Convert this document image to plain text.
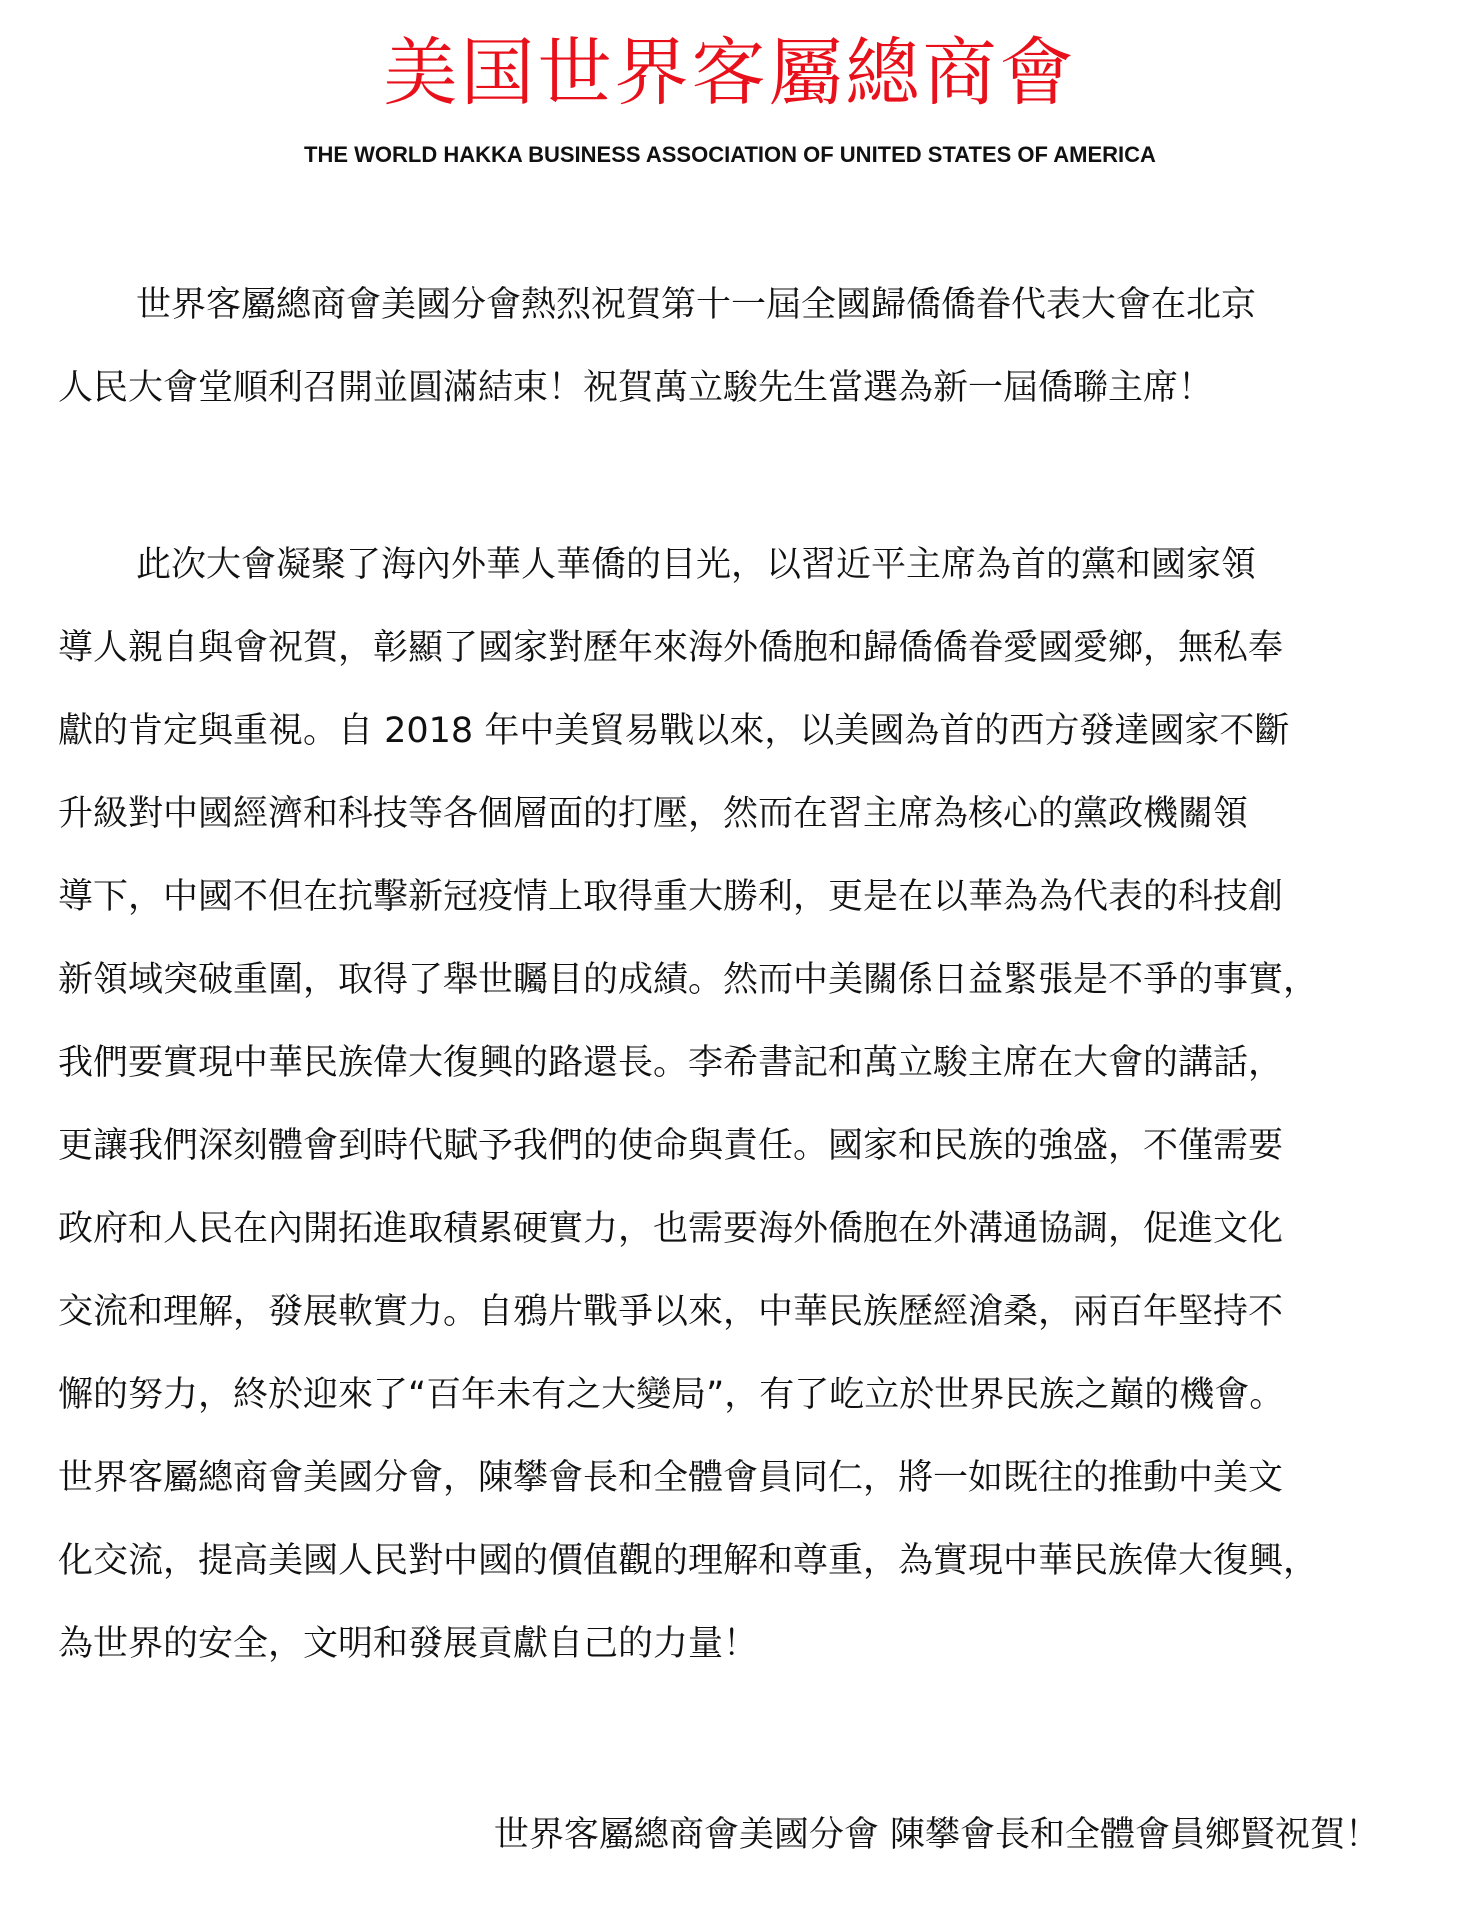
美国世界客屬總商會
THE WORLD HAKKA BUSINESS ASSOCIATION OF UNITED STATES OF AMERICA
世界客屬總商會美國分會熱烈祝賀第十一屆全國歸僑僑眷代表大會在北京
人民大會堂順利召開並圓滿結束！祝賀萬立駿先生當選為新一屆僑聯主席！
此次大會凝聚了海內外華人華僑的目光，以習近平主席為首的黨和國家領
導人親自與會祝賀，彰顯了國家對歷年來海外僑胞和歸僑僑眷愛國愛鄉，無私奉
獻的肯定與重視。自 2018 年中美貿易戰以來，以美國為首的西方發達國家不斷
升級對中國經濟和科技等各個層面的打壓，然而在習主席為核心的黨政機關領
導下，中國不但在抗擊新冠疫情上取得重大勝利，更是在以華為為代表的科技創
新領域突破重圍，取得了舉世矚目的成績。然而中美關係日益緊張是不爭的事實，
我們要實現中華民族偉大復興的路還長。李希書記和萬立駿主席在大會的講話，
更讓我們深刻體會到時代賦予我們的使命與責任。國家和民族的強盛，不僅需要
政府和人民在內開拓進取積累硬實力，也需要海外僑胞在外溝通協調，促進文化
交流和理解，發展軟實力。自鴉片戰爭以來，中華民族歷經滄桑，兩百年堅持不
懈的努力，終於迎來了“百年未有之大變局”，有了屹立於世界民族之巔的機會。
世界客屬總商會美國分會，陳攀會長和全體會員同仁，將一如既往的推動中美文
化交流，提高美國人民對中國的價值觀的理解和尊重，為實現中華民族偉大復興，
為世界的安全，文明和發展貢獻自己的力量！
世界客屬總商會美國分會 陳攀會長和全體會員鄉賢祝賀！
